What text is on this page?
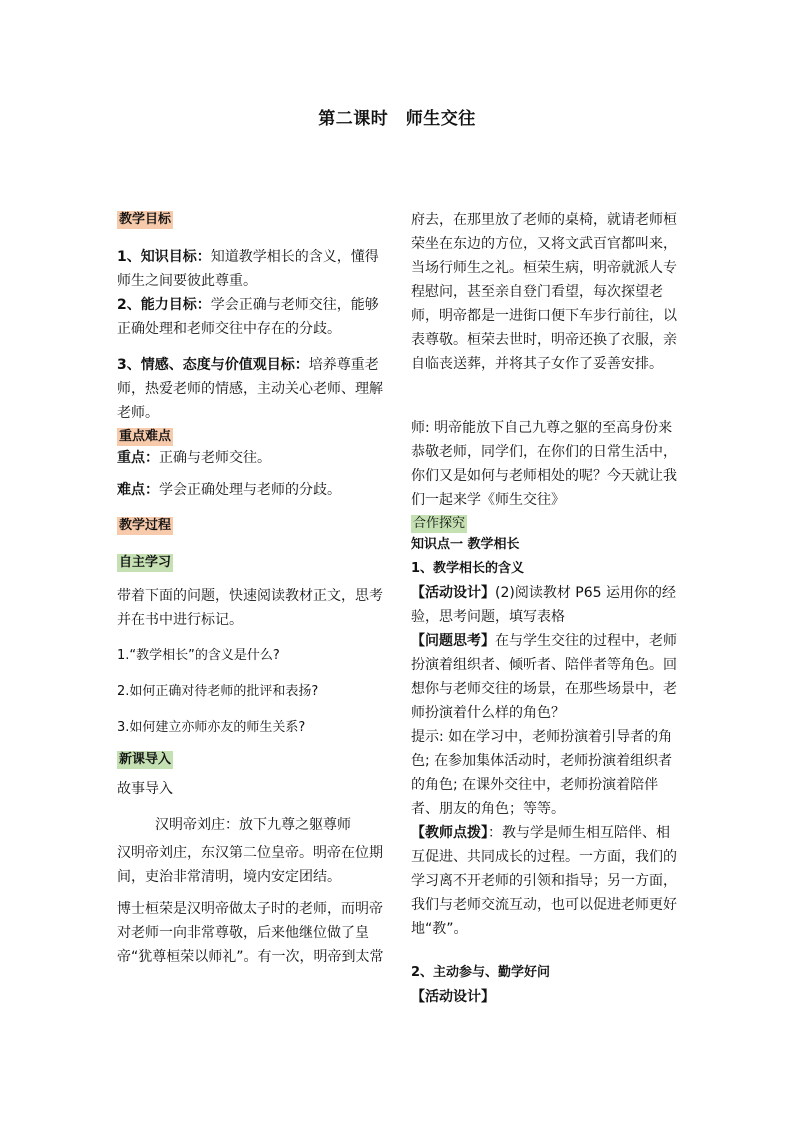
第二课时　师生交往
教学目标

1、知识目标：知道教学相长的含义，懂得师生之间要彼此尊重。

2、能力目标：学会正确与老师交往，能够正确处理和老师交往中存在的分歧。

3、情感、态度与价值观目标：培养尊重老师，热爱老师的情感，主动关心老师、理解老师。

重点难点

重点：正确与老师交往。

难点：学会正确处理与老师的分歧。

教学过程
自主学习

带着下面的问题，快速阅读教材正文，思考并在书中进行标记。

1.“教学相长”的含义是什么?

2.如何正确对待老师的批评和表扬?

3.如何建立亦师亦友的师生关系?

新课导入

故事导入

汉明帝刘庄：放下九尊之躯尊师

汉明帝刘庄，东汉第二位皇帝。明帝在位期间，吏治非常清明，境内安定团结。

博士桓荣是汉明帝做太子时的老师，而明帝对老师一向非常尊敬，后来他继位做了皇帝“犹尊桓荣以师礼”。有一次，明帝到太常

府去，在那里放了老师的桌椅，就请老师桓荣坐在东边的方位，又将文武百官都叫来，当场行师生之礼。桓荣生病，明帝就派人专程慰问，甚至亲自登门看望，每次探望老师，明帝都是一进街口便下车步行前往，以表尊敬。桓荣去世时，明帝还换了衣服，亲自临丧送葬，并将其子女作了妥善安排。

师: 明帝能放下自己九尊之躯的至高身份来恭敬老师，同学们，在你们的日常生活中，你们又是如何与老师相处的呢？今天就让我们一起来学《师生交往》

合作探究

知识点一 教学相长

1、教学相长的含义

【活动设计】(2)阅读教材 P65 运用你的经验，思考问题，填写表格

【问题思考】在与学生交往的过程中，老师扮演着组织者、倾听者、陪伴者等角色。回想你与老师交往的场景，在那些场景中，老师扮演着什么样的角色？

提示: 如在学习中，老师扮演着引导者的角色; 在参加集体活动时，老师扮演着组织者的角色; 在课外交往中，老师扮演着陪伴者、朋友的角色；等等。

【教师点拨】：教与学是师生相互陪伴、相互促进、共同成长的过程。一方面，我们的学习离不开老师的引领和指导；另一方面，我们与老师交流互动，也可以促进老师更好地“教”。

2、主动参与、勤学好问

【活动设计】
